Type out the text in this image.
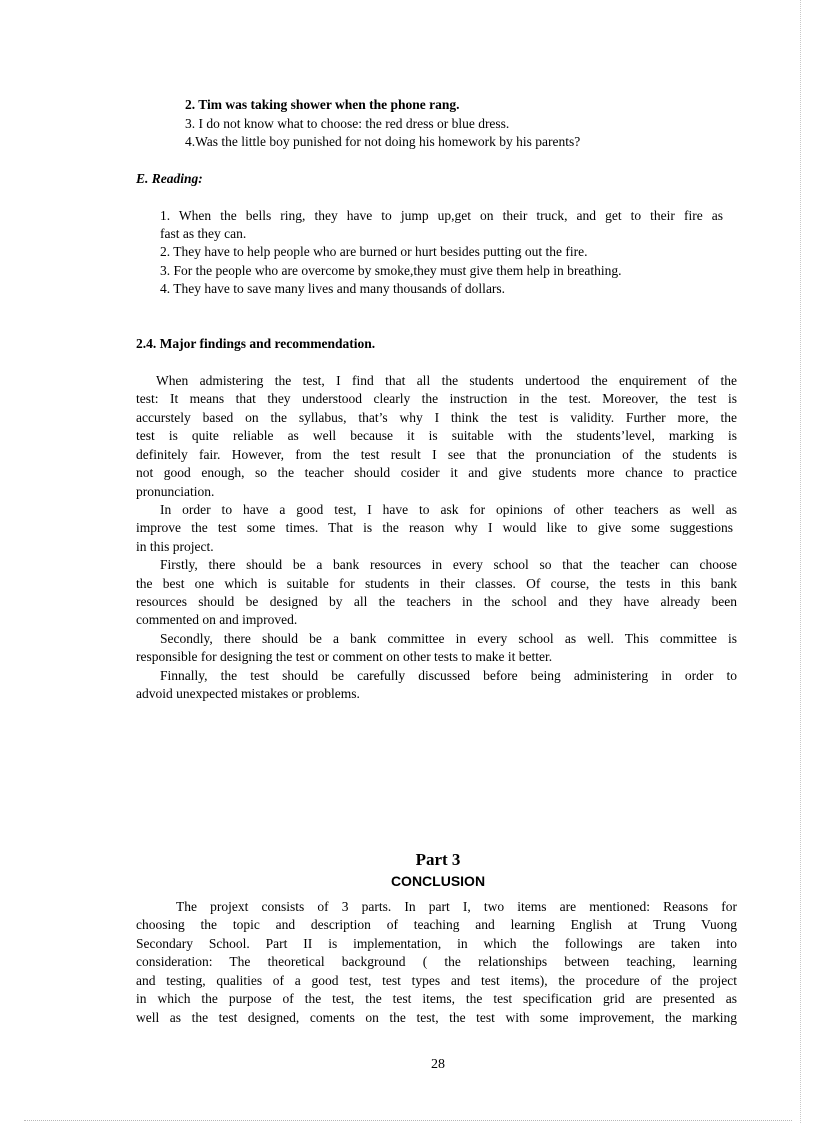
2. Tim was taking shower when the phone rang.
3. I do not know what to choose: the red dress or blue dress.
4.Was the little boy punished for not doing his homework by his parents?
E. Reading:
1. When the bells ring, they have to jump up,get on their truck, and get to their fire as
fast as they can.
2. They have to help people who are burned or hurt besides putting out the fire.
3. For the people who are overcome by smoke,they must give them help in breathing.
4. They have to save many lives and many thousands of dollars.
2.4. Major findings and recommendation.
When admistering the test, I find that all the students undertood the enquirement of the
test: It means that they understood clearly the instruction in the test. Moreover, the test is
accurstely based on the syllabus, that’s why I think the test is validity. Further more, the
test is quite reliable as well because it is suitable with the students’level, marking is
definitely fair. However, from the test result I see that the pronunciation of the students is
not good enough, so the teacher should cosider it and give students more chance to practice
pronunciation.
In order to have a good test, I have to ask for opinions of other teachers as well as
improve the test some times. That is the reason why I would like to give some suggestions
in this project.
Firstly, there should be a bank resources in every school so that the teacher can choose
the best one which is suitable for students in their classes. Of course, the tests in this bank
resources should be designed by all the teachers in the school and they have already been
commented on and improved.
Secondly, there should be a bank committee in every school as well. This committee is
responsible for designing the test or comment on other tests to make it better.
Finnally, the test should be carefully discussed before being administering in order to
advoid unexpected mistakes or problems.
Part 3
CONCLUSION
The projext consists of 3 parts. In part I, two items are mentioned: Reasons for
choosing the topic and description of teaching and learning English at Trung Vuong
Secondary School. Part II is implementation, in which the followings are taken into
consideration: The theoretical background ( the relationships between teaching, learning
and testing, qualities of a good test, test types and test items), the procedure of the project
in which the purpose of the test, the test items, the test specification grid are presented as
well as the test designed, coments on the test, the test with some improvement, the marking
28
